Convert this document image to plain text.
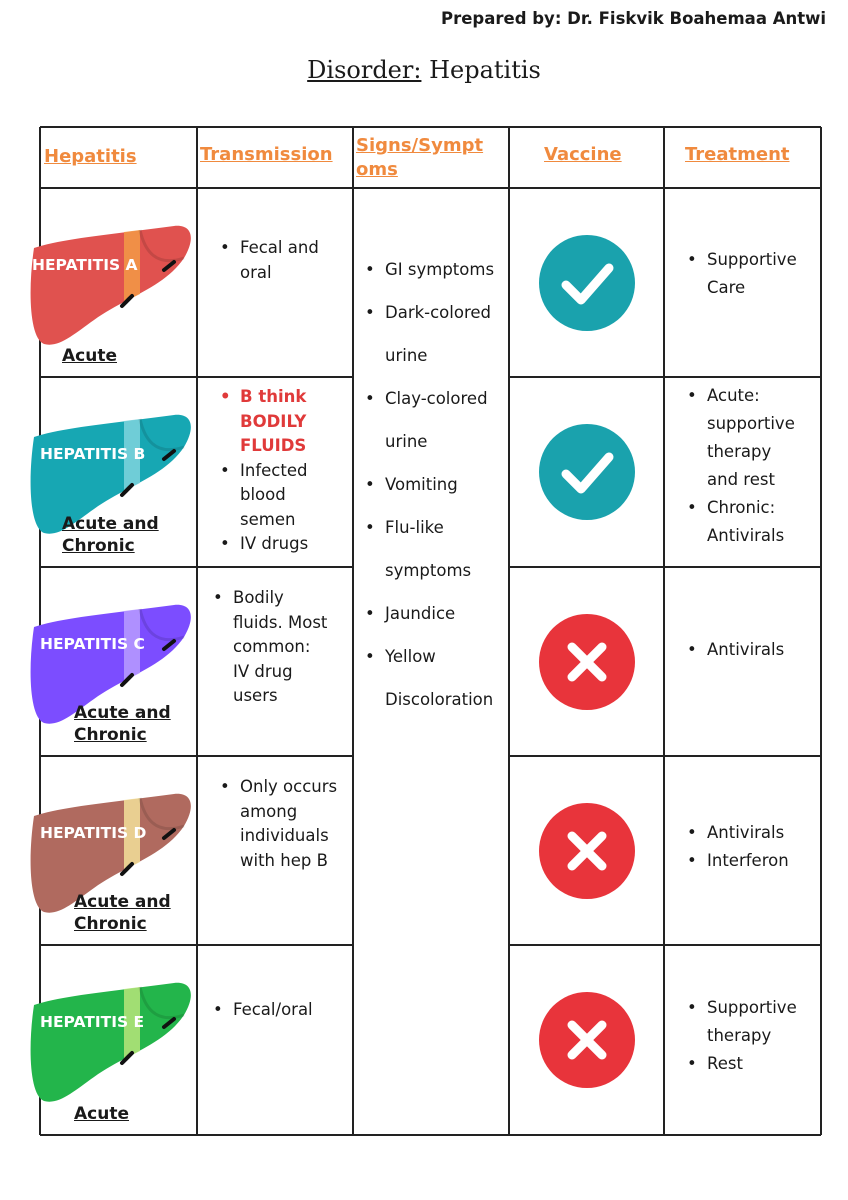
Prepared by: Dr. Fiskvik Boahemaa Antwi
Disorder: Hepatitis
Hepatitis	Transmission Signs/Sympt
oms
Vaccine	Treatment
• GI symptoms
• Dark-colored
urine
• Clay-colored
urine
• Vomiting
• Flu-like
symptoms
• Jaundice
• Yellow
Discoloration
HEPATITIS A
Acute
• Fecal and
oral
• Supportive
Care
HEPATITIS B
Acute and
Chronic
• B think
BODILY
FLUIDS
• Infected
blood
semen
• IV drugs
• Acute:
supportive
therapy
and rest
• Chronic:
Antivirals
HEPATITIS C
Acute and
Chronic
• Bodily
fluids. Most
common:
IV drug
users
• Antivirals
HEPATITIS D
Acute and
Chronic
• Only occurs
among
individuals
with hep B
• Antivirals
• Interferon
HEPATITIS E
Acute
• Fecal/oral
•	Supportive
therapy
• Rest
